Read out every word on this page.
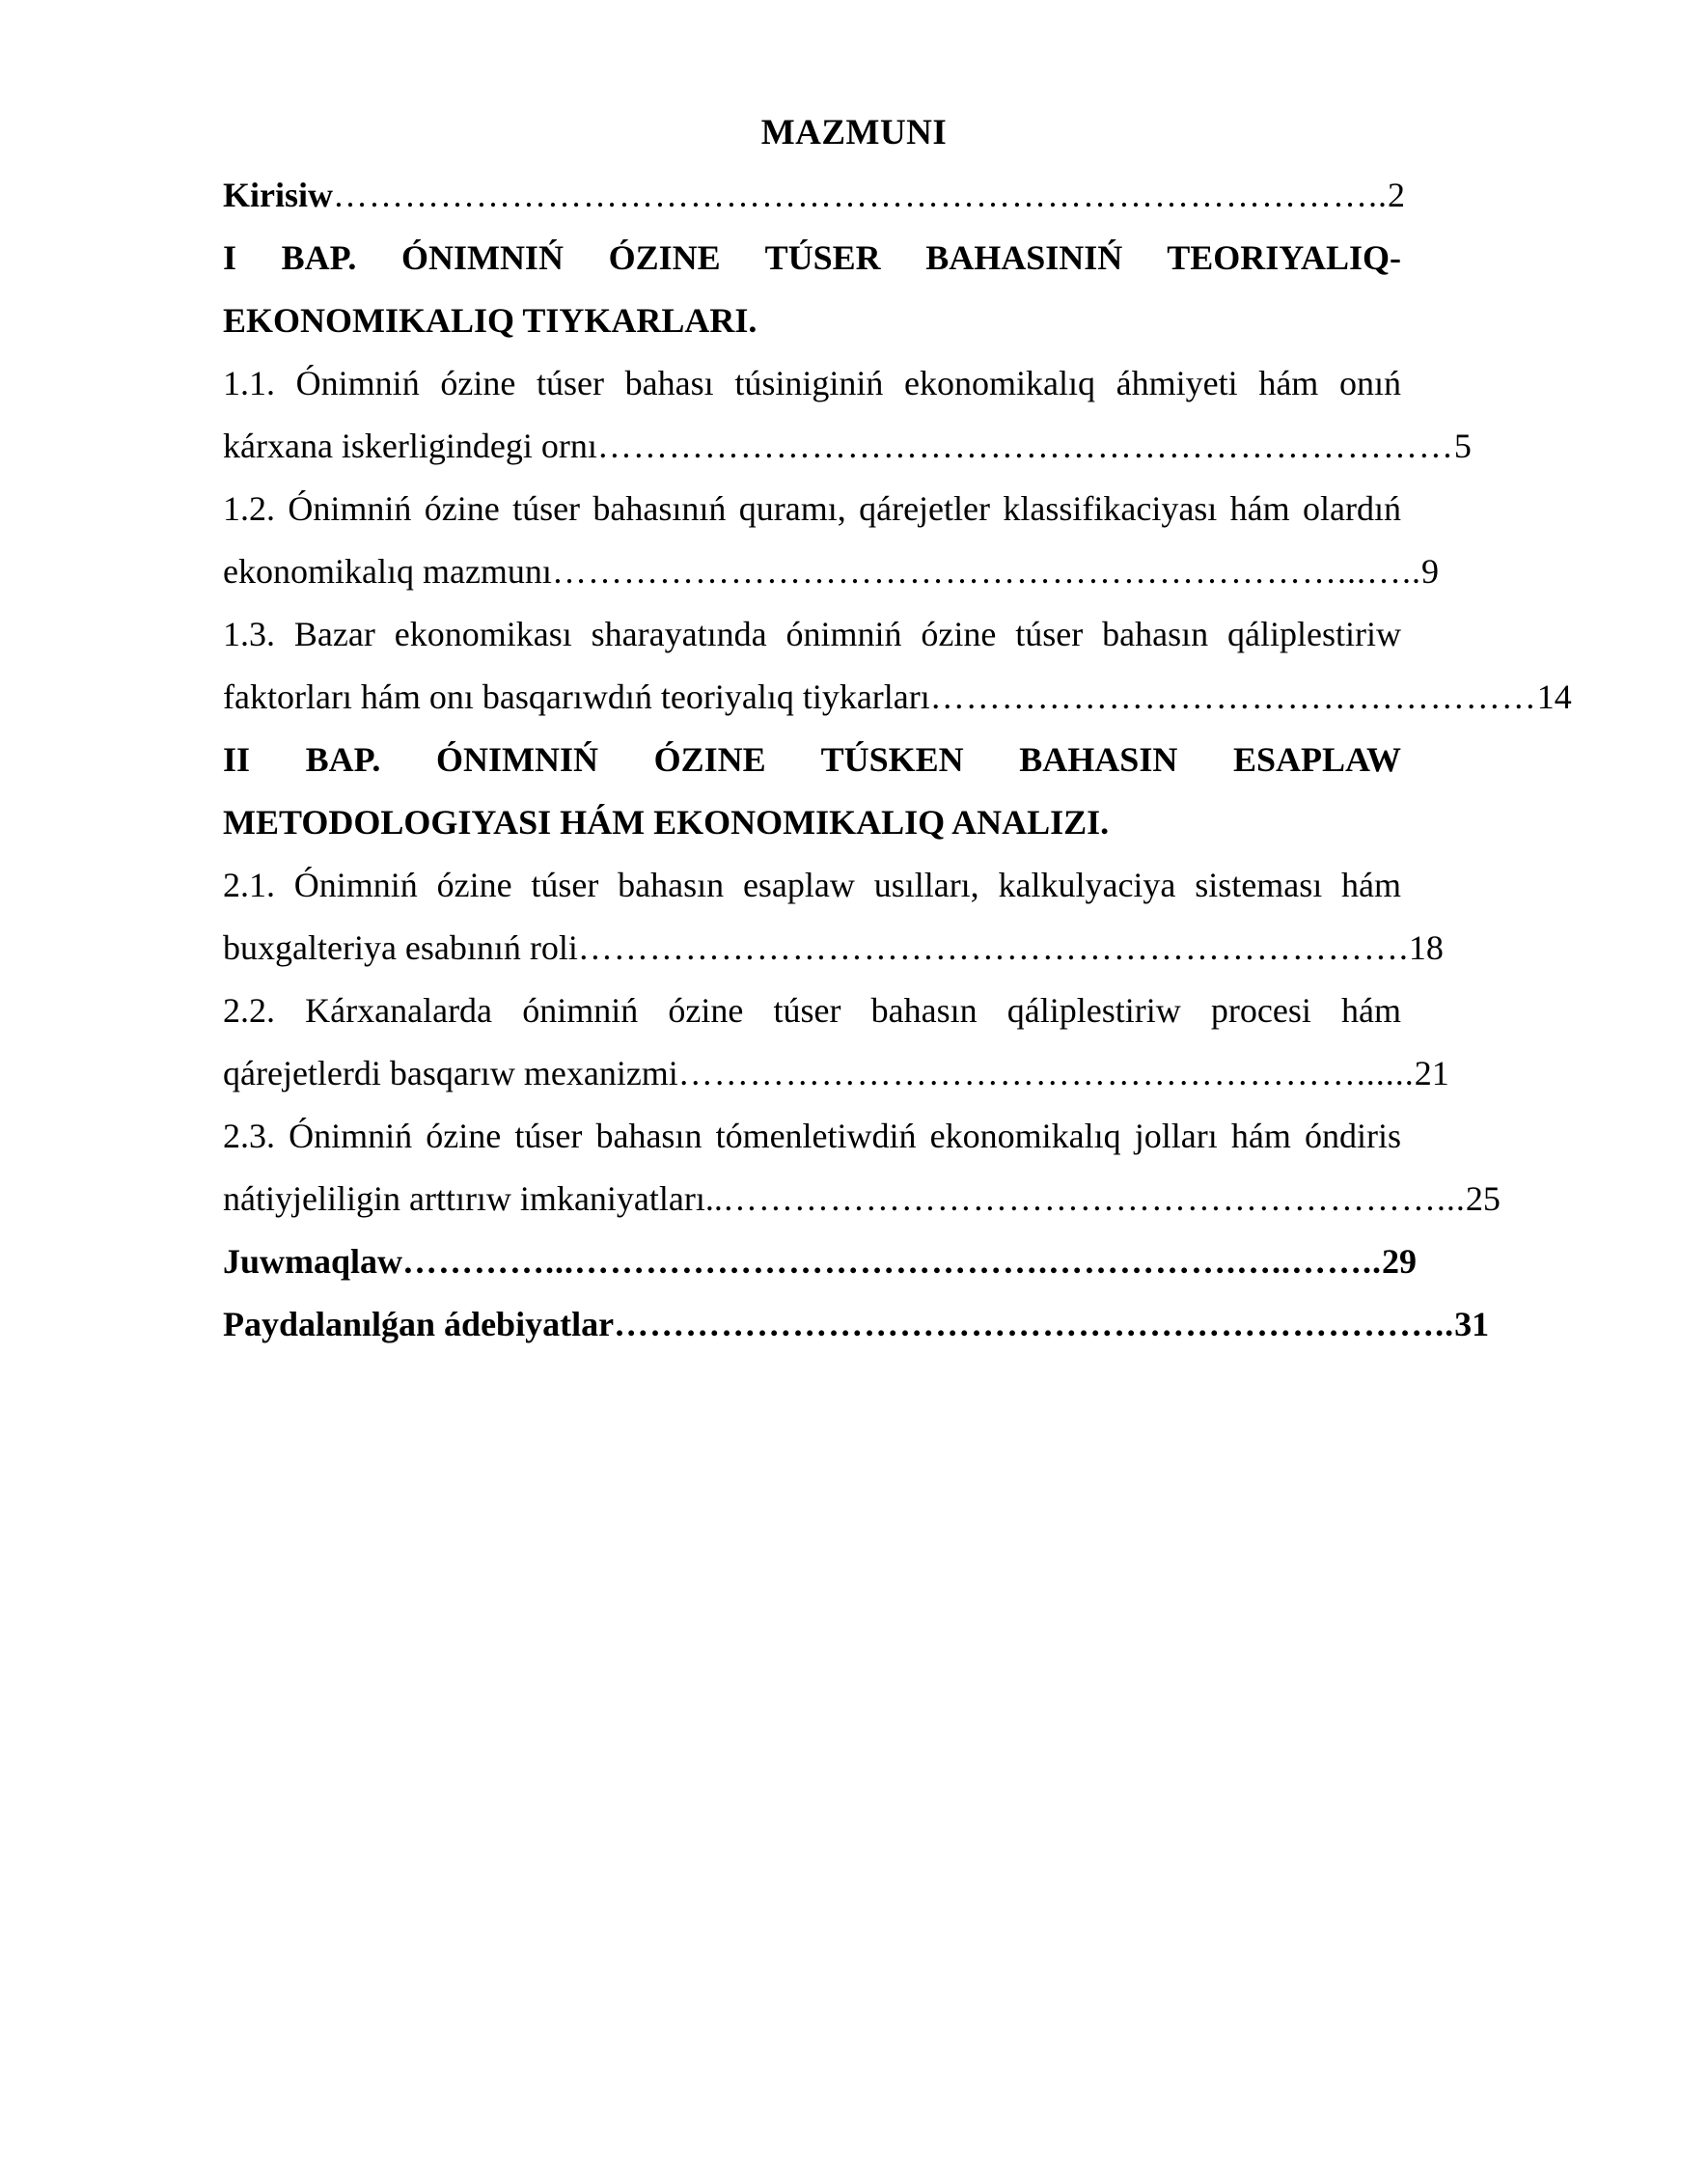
MAZMUNI
Kirisiw …………………………………………………………………………….. 2
I BAP. ÓNIMNIŃ ÓZINE TÚSER BAHASINIŃ TEORIYALIQ-
EKONOMIKALIQ TIYKARLARI.
1.1. Ónimniń ózine túser bahası túsiniginiń ekonomikalıq áhmiyeti hám onıń
kárxana iskerligindegi ornı ……………………………………………………………… 5
1.2. Ónimniń ózine túser bahasınıń quramı, qárejetler klassifikaciyası hám olardıń
ekonomikalıq mazmunı …………………………………………………………...….. 9
1.3. Bazar ekonomikası sharayatında ónimniń ózine túser bahasın qáliplestiriw
faktorları hám onı basqarıwdıń teoriyalıq tiykarları …………………………………………… 14
II BAP. ÓNIMNIŃ ÓZINE TÚSKEN BAHASIN ESAPLAW
METODOLOGIYASI HÁM EKONOMIKALIQ ANALIZI.
2.1. Ónimniń ózine túser bahasın esaplaw usılları, kalkulyaciya sisteması hám
buxgalteriya esabınıń roli ……………………………………………………………. 18
2.2. Kárxanalarda ónimniń ózine túser bahasın qáliplestiriw procesi hám
qárejetlerdi basqarıw mexanizmi …………………………………………………...... 21
2.3. Ónimniń ózine túser bahasın tómenletiwdiń ekonomikalıq jolları hám óndiris
nátiyjeliligin arttırıw imkaniyatları.. ……………………………………………………... 25
Juwmaqlaw …………...………………………………….…………….…..…….. 29
Paydalanılǵan ádebiyatlar …………………………………………………………….. 31
